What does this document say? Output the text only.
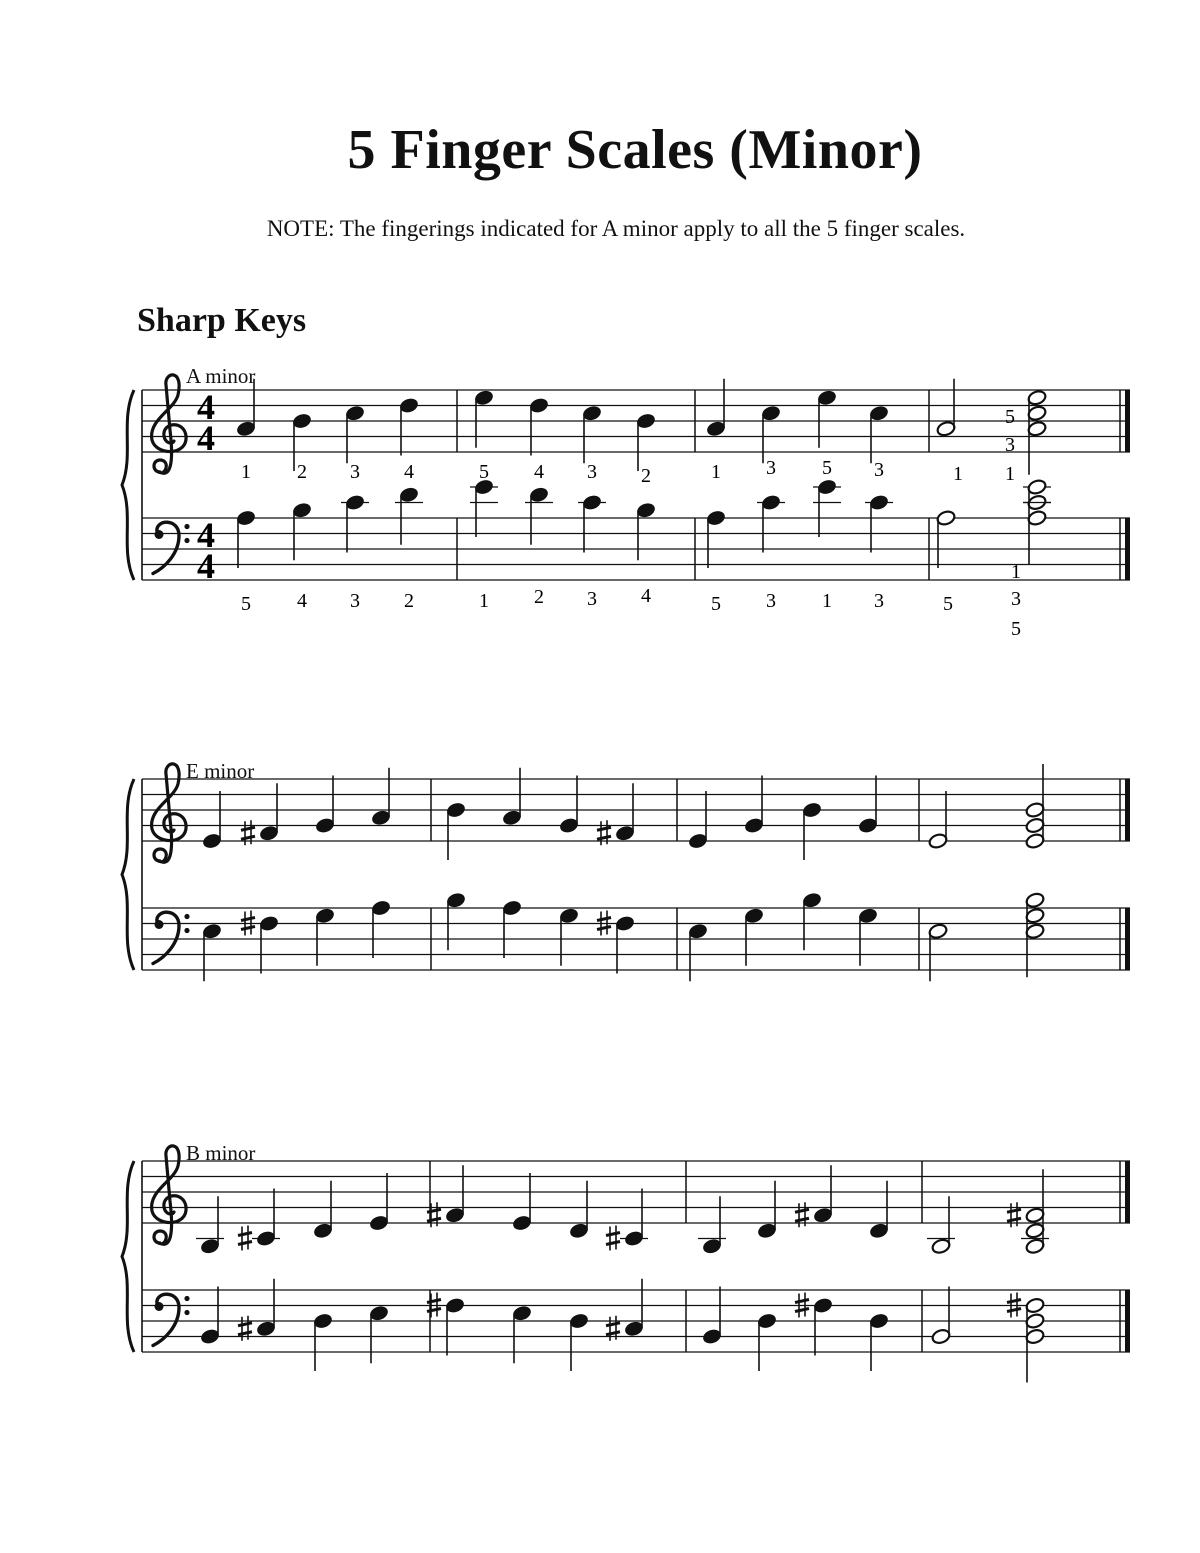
5 Finger Scales (Minor)
NOTE: The fingerings indicated for A minor apply to all the 5 finger scales.
Sharp Keys
A minor
E minor
B minor
4
4
4
4
1 2 3 4	5 4 3 2	1 3 5 3	1
5
3
1
5 4 3 2	1 2 3 4	5 3 1 3	5
1
3
5
